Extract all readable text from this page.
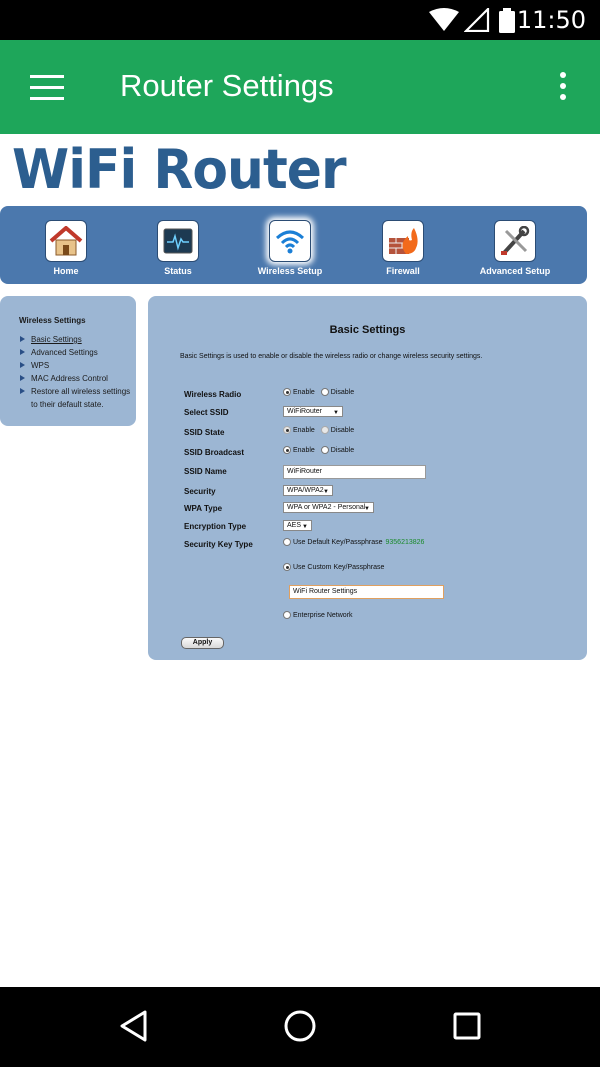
11:50
Router Settings
WiFi Router
Home	Status	Wireless Setup	Firewall	Advanced Setup
Wireless Settings
Basic Settings
Advanced Settings
WPS
MAC Address Control
Restore all wireless settings
to their default state.
Basic Settings
Basic Settings is used to enable or disable the wireless radio or change wireless security settings.
Wireless Radio	Enable Disable
Select SSID	WiFiRouter ▼
SSID State	Enable Disable
SSID Broadcast	Enable Disable
SSID Name	WiFiRouter
Security	WPA/WPA2 ▼
WPA Type	WPA or WPA2 - Personal
▼
Encryption Type	AES ▼
Security Key Type	Use Default Key/Passphrase 9356213826
Use Custom Key/Passphrase
WiFi Router Settings
Enterprise Network
Apply
